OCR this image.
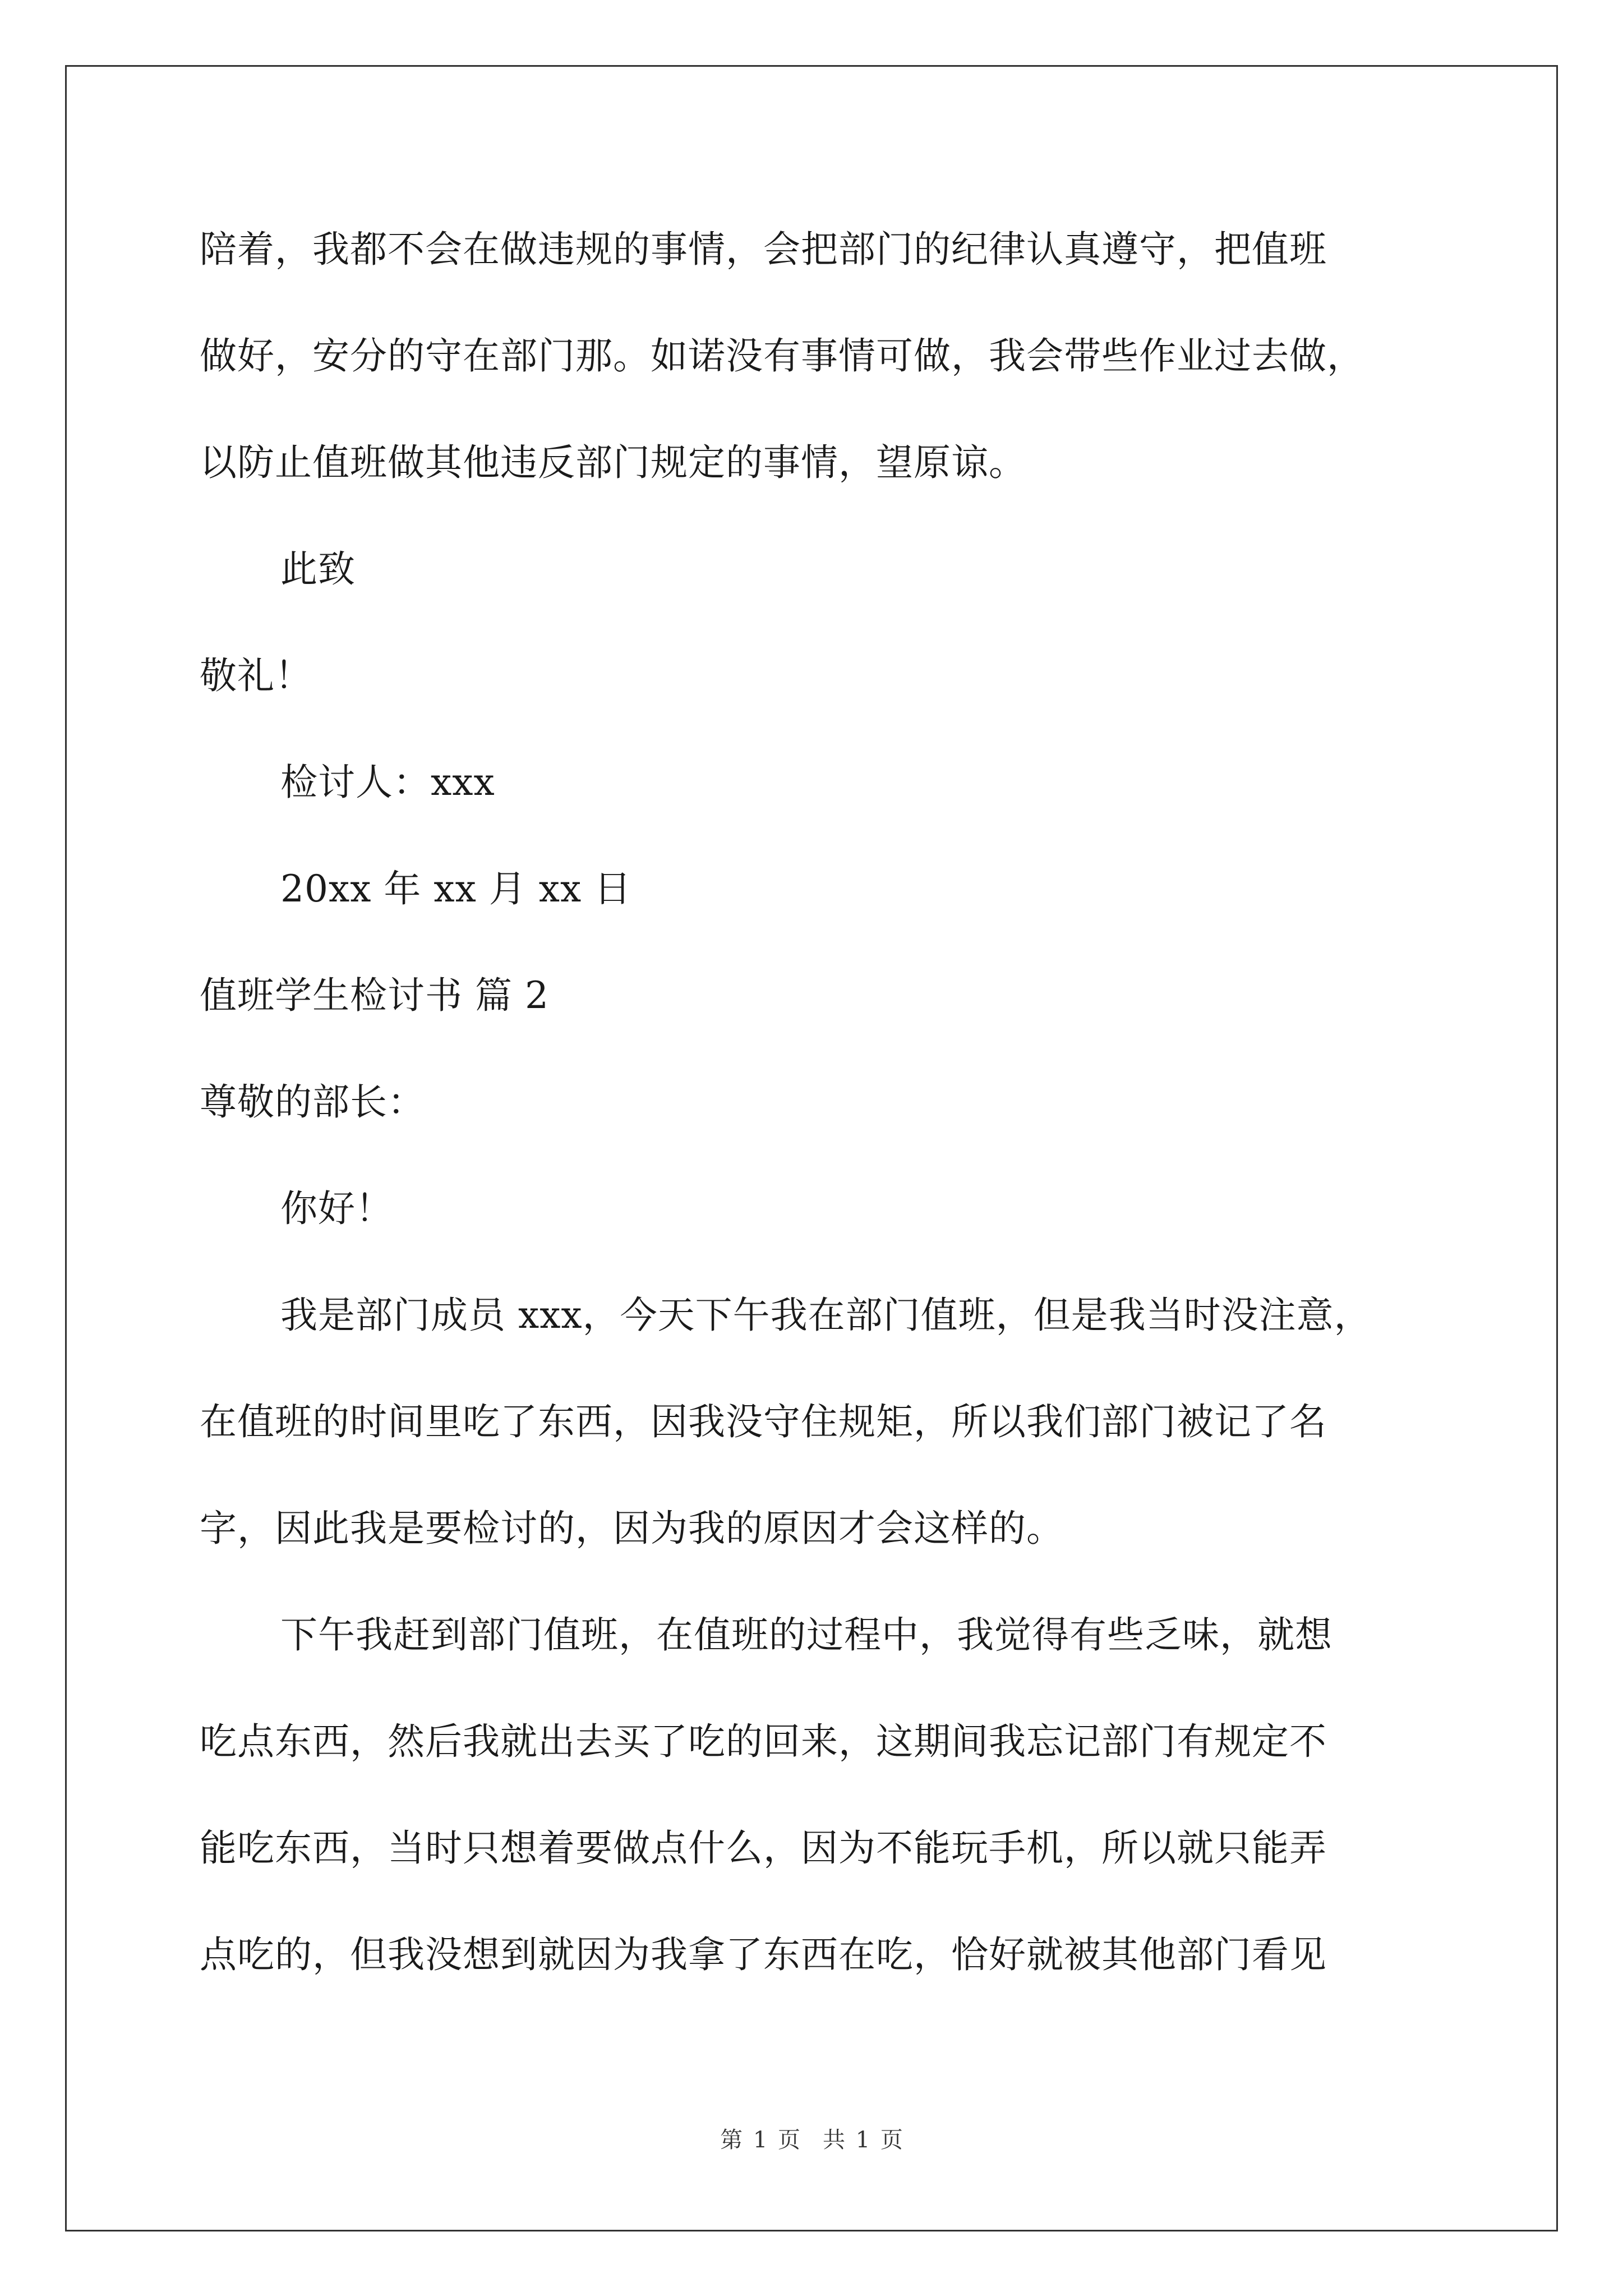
陪着，我都不会在做违规的事情，会把部门的纪律认真遵守，把值班
做好，安分的守在部门那。如诺没有事情可做，我会带些作业过去做，
以防止值班做其他违反部门规定的事情，望原谅。
此致
敬礼！
检讨人：xxx
20xx 年 xx 月 xx 日
值班学生检讨书 篇 2
尊敬的部长：
你好！
我是部门成员 xxx，今天下午我在部门值班，但是我当时没注意，
在值班的时间里吃了东西，因我没守住规矩，所以我们部门被记了名
字，因此我是要检讨的，因为我的原因才会这样的。
下午我赶到部门值班，在值班的过程中，我觉得有些乏味，就想
吃点东西，然后我就出去买了吃的回来，这期间我忘记部门有规定不
能吃东西，当时只想着要做点什么，因为不能玩手机，所以就只能弄
点吃的，但我没想到就因为我拿了东西在吃，恰好就被其他部门看见
第 1 页　共 1 页
